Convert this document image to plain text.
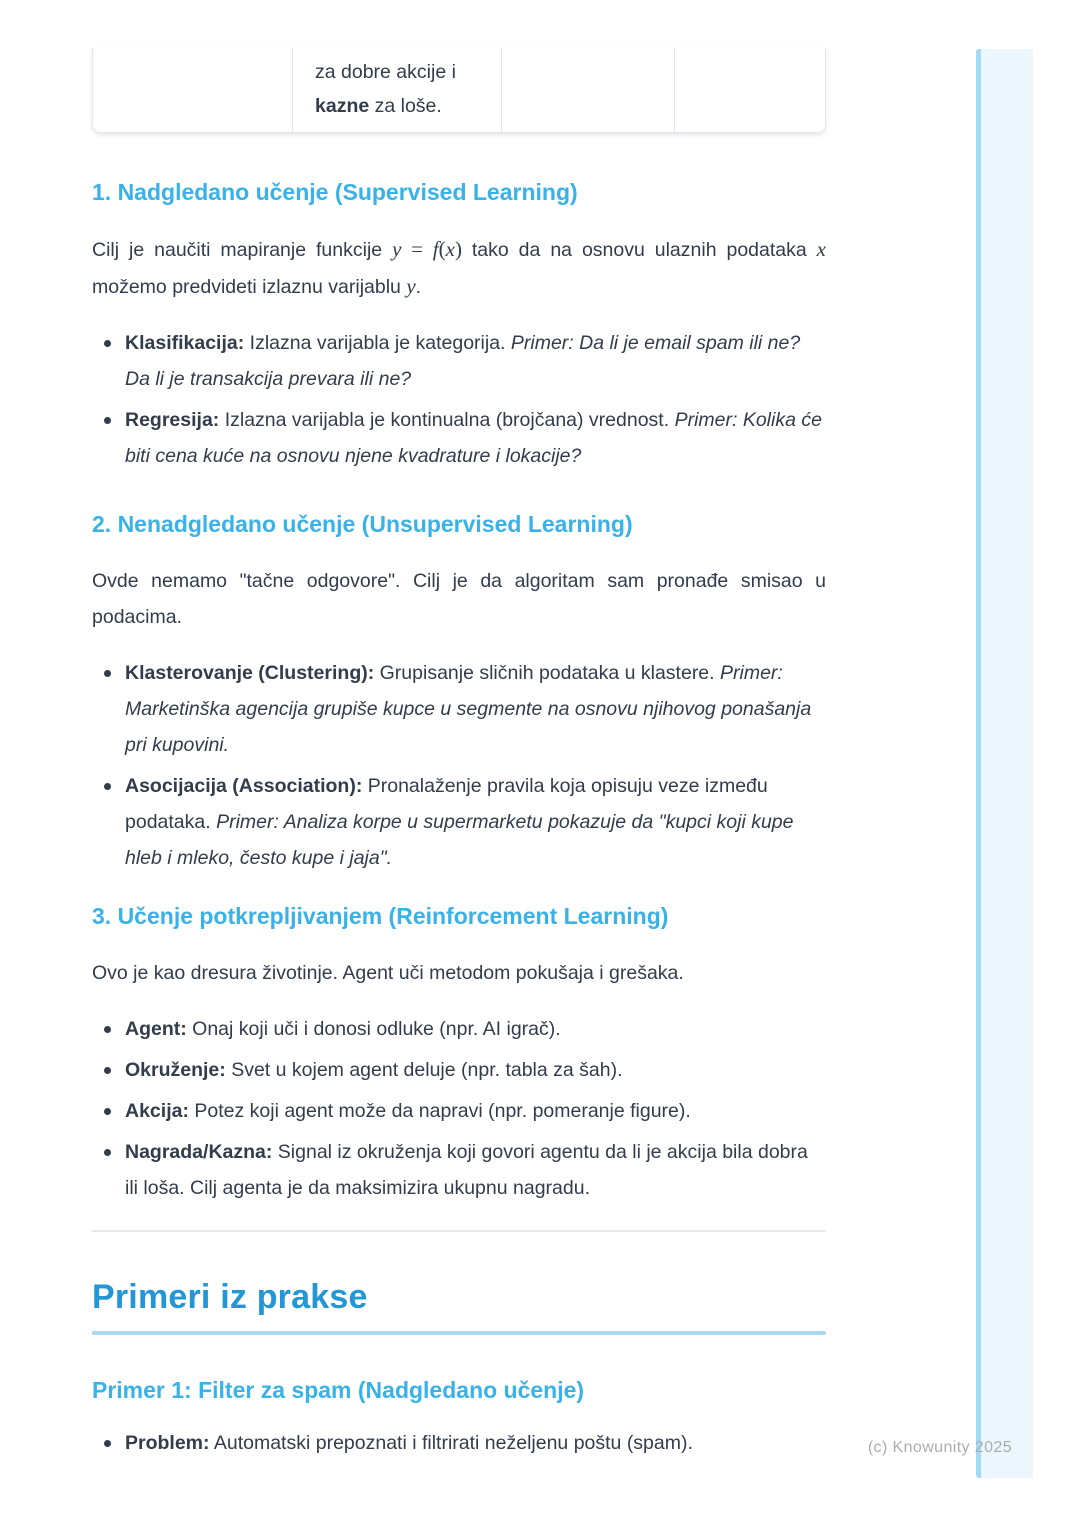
za dobre akcije i kazne za loše.
1. Nadgledano učenje (Supervised Learning)

Cilj je naučiti mapiranje funkcije y = f(x) tako da na osnovu ulaznih podataka x možemo predvideti izlaznu varijablu y.

Klasifikacija: Izlazna varijabla je kategorija. Primer: Da li je email spam ili ne? Da li je transakcija prevara ili ne?
Regresija: Izlazna varijabla je kontinualna (brojčana) vrednost. Primer: Kolika će biti cena kuće na osnovu njene kvadrature i lokacije?
2. Nenadgledano učenje (Unsupervised Learning)

Ovde nemamo "tačne odgovore". Cilj je da algoritam sam pronađe smisao u podacima.

Klasterovanje (Clustering): Grupisanje sličnih podataka u klastere. Primer: Marketinška agencija grupiše kupce u segmente na osnovu njihovog ponašanja pri kupovini.
Asocijacija (Association): Pronalaženje pravila koja opisuju veze između podataka. Primer: Analiza korpe u supermarketu pokazuje da "kupci koji kupe hleb i mleko, često kupe i jaja".
3. Učenje potkrepljivanjem (Reinforcement Learning)

Ovo je kao dresura životinje. Agent uči metodom pokušaja i grešaka.

Agent: Onaj koji uči i donosi odluke (npr. AI igrač).
Okruženje: Svet u kojem agent deluje (npr. tabla za šah).
Akcija: Potez koji agent može da napravi (npr. pomeranje figure).
Nagrada/Kazna: Signal iz okruženja koji govori agentu da li je akcija bila dobra ili loša. Cilj agenta je da maksimizira ukupnu nagradu.
Primeri iz prakse
Primer 1: Filter za spam (Nadgledano učenje)
Problem: Automatski prepoznati i filtrirati neželjenu poštu (spam).	(c) Knowunity 2025
